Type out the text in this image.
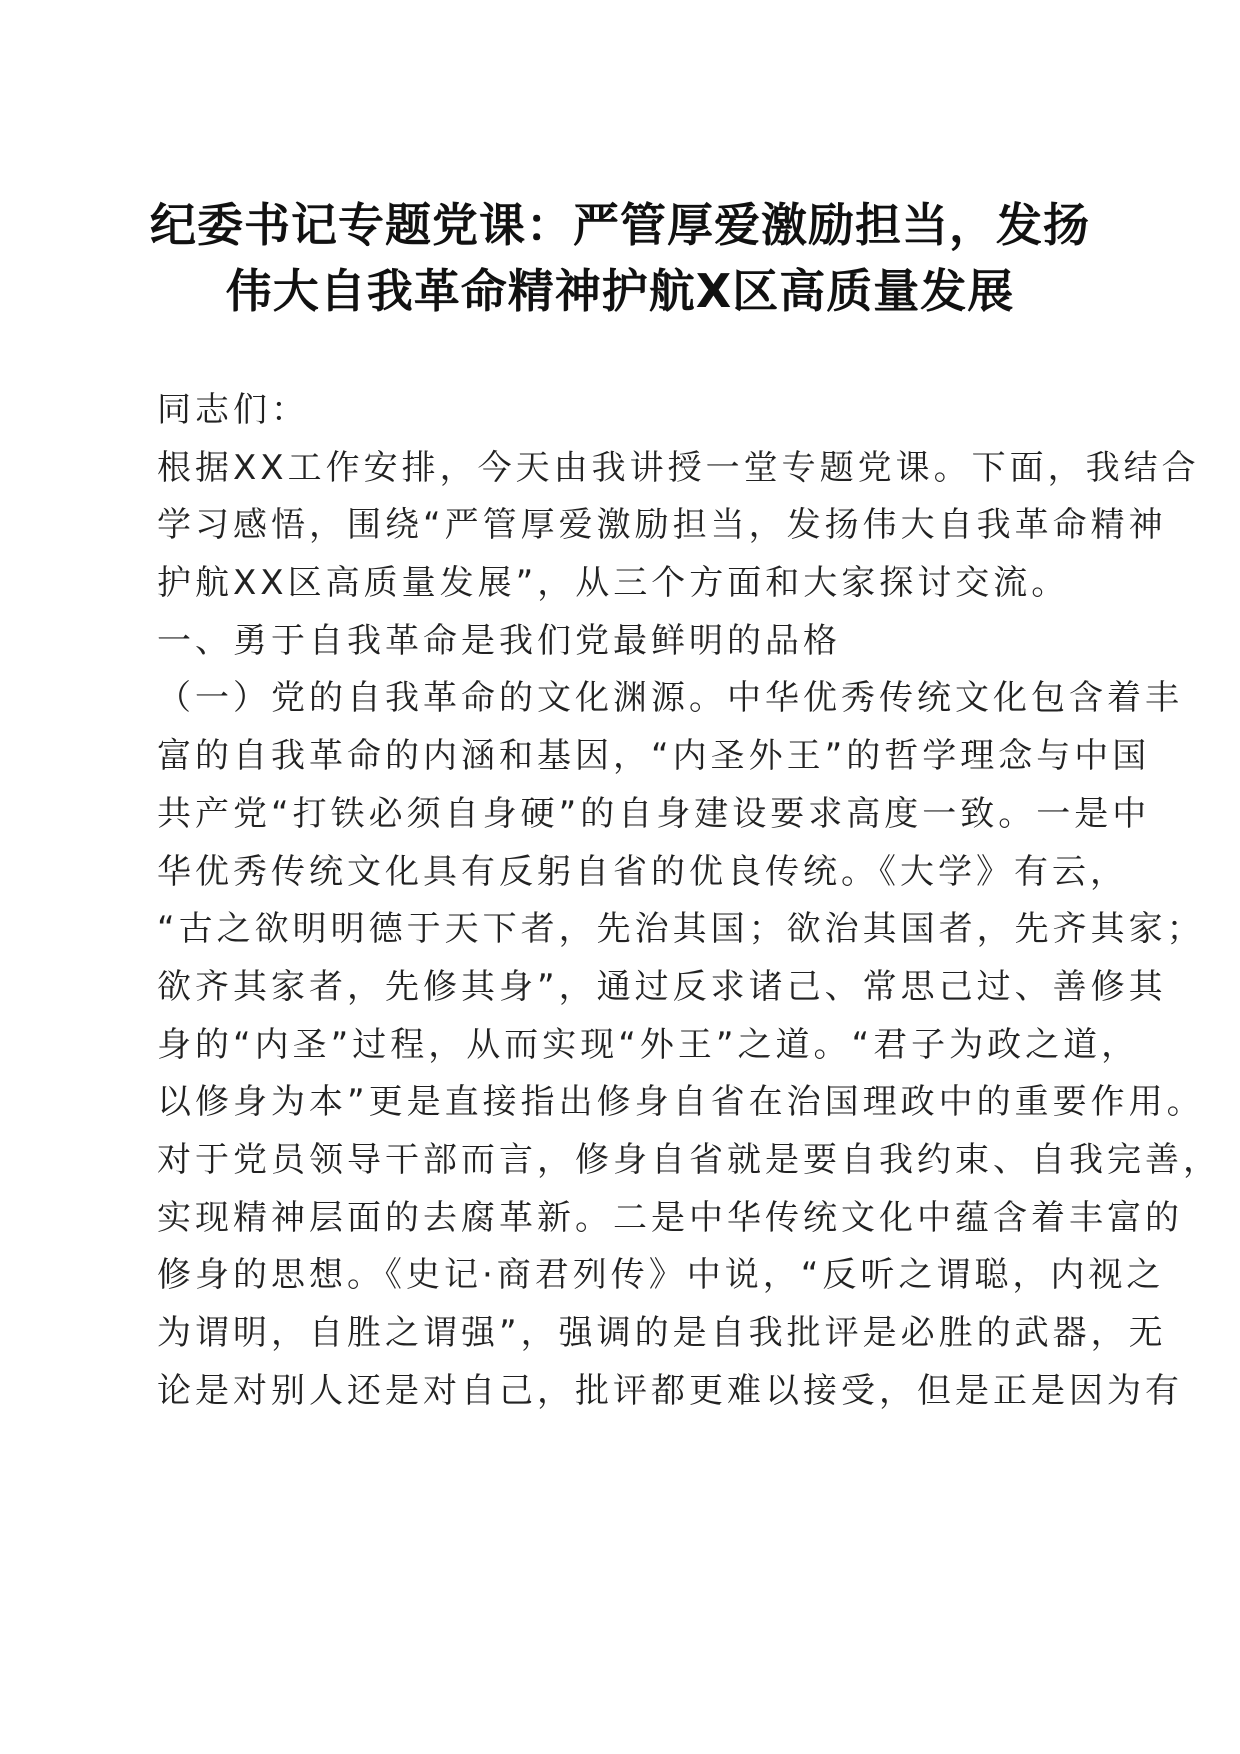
纪委书记专题党课：严管厚爱激励担当，发扬
伟大自我革命精神护航X区高质量发展
同志们：
根据XX工作安排，今天由我讲授一堂专题党课。下面，我结合
学习感悟，围绕“严管厚爱激励担当，发扬伟大自我革命精神
护航XX区高质量发展”，从三个方面和大家探讨交流。
一、勇于自我革命是我们党最鲜明的品格
（一）党的自我革命的文化渊源。中华优秀传统文化包含着丰
富的自我革命的内涵和基因，“内圣外王”的哲学理念与中国
共产党“打铁必须自身硬”的自身建设要求高度一致。一是中
华优秀传统文化具有反躬自省的优良传统。《大学》有云，
“古之欲明明德于天下者，先治其国；欲治其国者，先齐其家；
欲齐其家者，先修其身”，通过反求诸己、常思己过、善修其
身的“内圣”过程，从而实现“外王”之道。“君子为政之道，
以修身为本”更是直接指出修身自省在治国理政中的重要作用。
对于党员领导干部而言，修身自省就是要自我约束、自我完善，
实现精神层面的去腐革新。二是中华传统文化中蕴含着丰富的
修身的思想。《史记·商君列传》中说，“反听之谓聪，内视之
为谓明，自胜之谓强”，强调的是自我批评是必胜的武器，无
论是对别人还是对自己，批评都更难以接受，但是正是因为有
